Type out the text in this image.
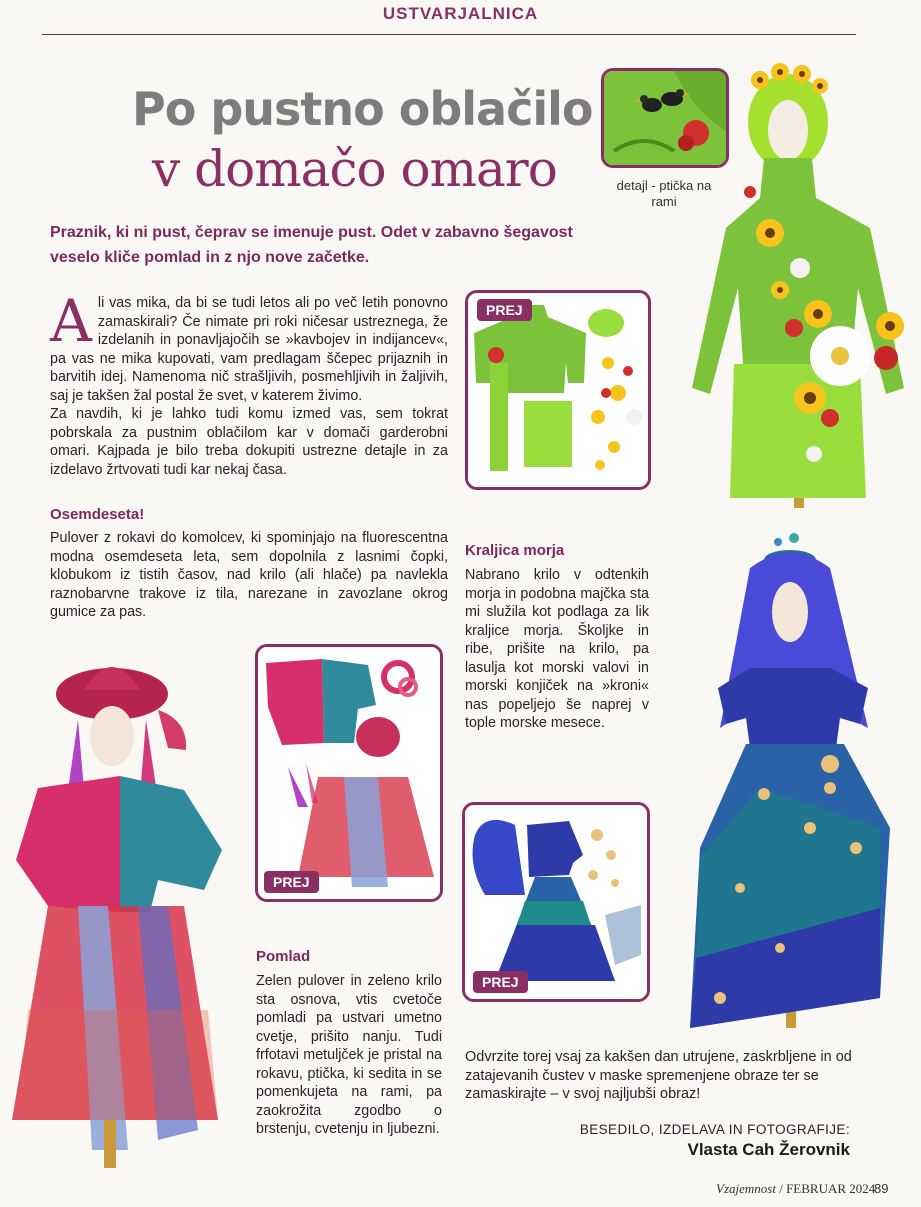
USTVARJALNICA
Po pustno oblačilo
v domačo omaro	detajl - ptička na rami
Praznik, ki ni pust, čeprav se imenuje pust. Odet v zabavno šegavost veselo kliče pomlad in z njo nove začetke.
A li vas mika, da bi se tudi letos ali po več letih ponovno zamaskirali? Če nimate pri roki ničesar ustreznega, že izdelanih in ponavljajočih se »kavbojev in indijancev«, pa vas ne mika kupovati, vam predlagam ščepec prijaznih in barvitih idej. Namenoma nič strašljivih, posmehljivih in žaljivih, saj je takšen žal postal že svet, v katerem živimo.

Za navdih, ki je lahko tudi komu izmed vas, sem tokrat pobrskala za pustnim oblačilom kar v domači garderobni omari. Kajpada je bilo treba dokupiti ustrezne detajle in za izdelavo žrtvovati tudi kar nekaj časa.

PREJ
Osemdeseta!
Pulover z rokavi do komolcev, ki spominjajo na fluorescentna modna osemdeseta leta, sem dopolnila z lasnimi čopki, klobukom iz tistih časov, nad krilo (ali hlače) pa navlekla raznobarvne trakove iz tila, narezane in zavozlane okrog gumice za pas.
PREJ
Pomlad
Zelen pulover in zeleno krilo sta osnova, vtis cvetoče pomladi pa ustvari umetno cvetje, prišito nanju. Tudi frfotavi metuljček je pristal na rokavu, ptička, ki sedita in se pomenkujeta na rami, pa zaokrožita zgodbo o brstenju, cvetenju in ljubezni.
Kraljica morja
Nabrano krilo v odtenkih morja in podobna majčka sta mi služila kot podlaga za lik kraljice morja. Školjke in ribe, prišite na krilo, pa lasulja kot morski valovi in morski konjiček na »kroni« nas popeljejo še naprej v tople morske mesece.
PREJ
Odvrzite torej vsaj za kakšen dan utrujene, zaskrbljene in od zatajevanih čustev v maske spremenjene obraze ter se zamaskirajte – v svoj najljubši obraz!
BESEDILO, IZDELAVA IN FOTOGRAFIJE:
Vlasta Cah Žerovnik
Vzajemnost / FEBRUAR 2024
89
